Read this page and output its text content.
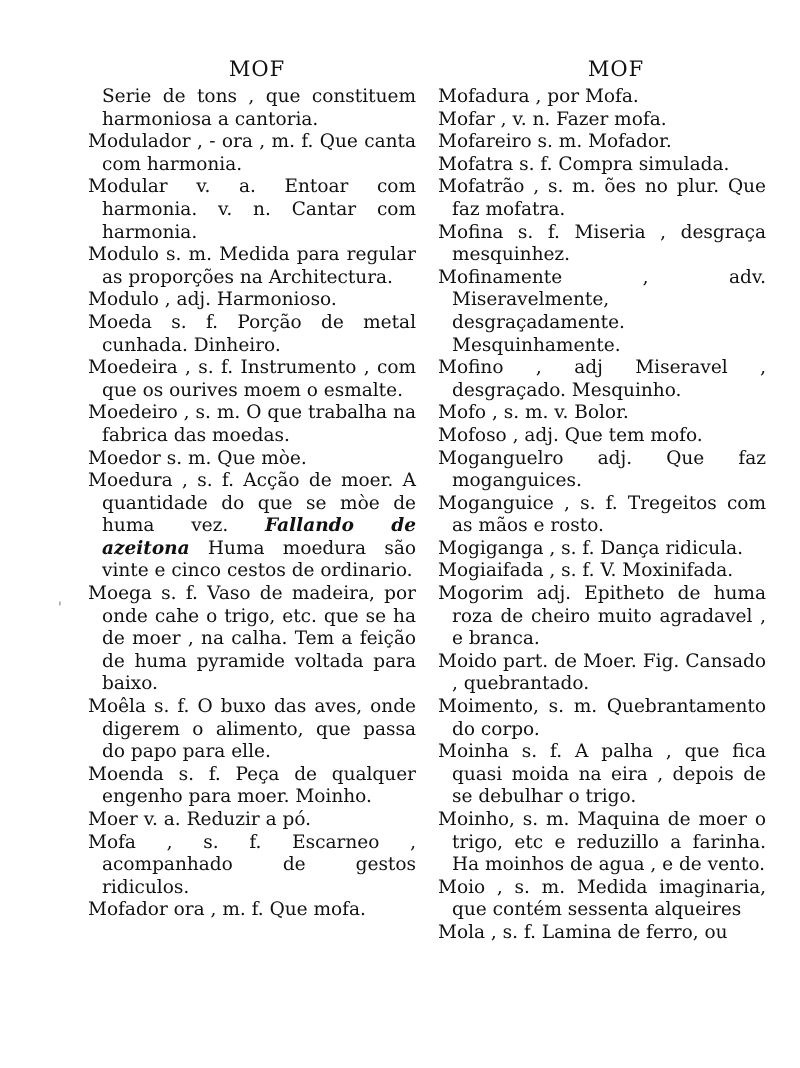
'
MOF

Serie de tons , que constituem harmoniosa a cantoria.

Modulador , - ora , m. f. Que canta com harmonia.

Modular v. a. Entoar com harmonia. v. n. Cantar com harmonia.

Modulo s. m. Medida para regular as proporções na Architectura.

Modulo , adj. Harmonioso.

Moeda s. f. Porção de metal cunhada. Dinheiro.

Moedeira , s. f. Instrumento , com que os ourives moem o esmalte.

Moedeiro , s. m. O que trabalha na fabrica das moedas.

Moedor s. m. Que mòe.

Moedura , s. f. Acção de moer. A quantidade do que se mòe de huma vez. Fallando de azeitona Huma moedura são vinte e cinco cestos de ordinario.

Moega s. f. Vaso de madeira, por onde cahe o trigo, etc. que se ha de moer , na calha. Tem a feição de huma pyramide voltada para baixo.

Moêla s. f. O buxo das aves, onde digerem o alimento, que passa do papo para elle.

Moenda s. f. Peça de qualquer engenho para moer. Moinho.

Moer v. a. Reduzir a pó.

Mofa , s. f. Escarneo , acompanhado de gestos ridiculos.

Mofador ora , m. f. Que mofa.

MOF

Mofadura , por Mofa.

Mofar , v. n. Fazer mofa.

Mofareiro s. m. Mofador.

Mofatra s. f. Compra simulada.

Mofatrão , s. m. ões no plur. Que faz mofatra.

Mofina s. f. Miseria , desgraça mesquinhez.

Mofinamente , adv. Miseravelmente, desgraçadamente. Mesquinhamente.

Mofino , adj Miseravel , desgraçado. Mesquinho.

Mofo , s. m. v. Bolor.

Mofoso , adj. Que tem mofo.

Moganguelro adj. Que faz moganguices.

Moganguice , s. f. Tregeitos com as mãos e rosto.

Mogiganga , s. f. Dança ridicula.

Mogiaifada , s. f. V. Moxinifada.

Mogorim adj. Epitheto de huma roza de cheiro muito agradavel , e branca.

Moido part. de Moer. Fig. Cansado , quebrantado.

Moimento, s. m. Quebrantamento do corpo.

Moinha s. f. A palha , que fica quasi moida na eira , depois de se debulhar o trigo.

Moinho, s. m. Maquina de moer o trigo, etc e reduzillo a farinha. Ha moinhos de agua , e de vento.

Moio , s. m. Medida imaginaria, que contém sessenta alqueires

Mola , s. f. Lamina de ferro, ou
